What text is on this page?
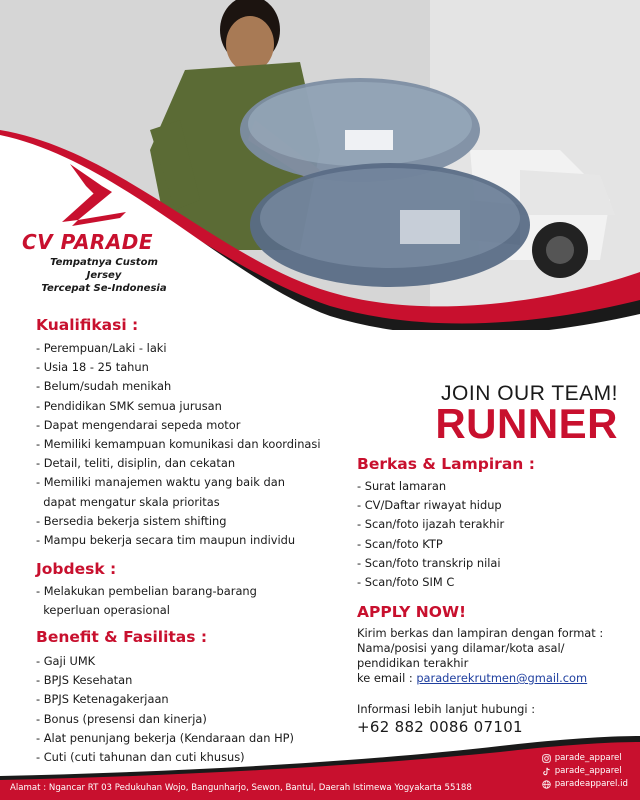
CV PARADE
Tempatnya Custom Jersey
Tercepat Se-Indonesia
Kualifikasi :
- Perempuan/Laki - laki
- Usia 18 - 25 tahun
- Belum/sudah menikah
- Pendidikan SMK semua jurusan
- Dapat mengendarai sepeda motor
- Memiliki kemampuan komunikasi dan koordinasi
- Detail, teliti, disiplin, dan cekatan
- Memiliki manajemen waktu yang baik dan
dapat mengatur skala prioritas
- Bersedia bekerja sistem shifting
- Mampu bekerja secara tim maupun individu
Jobdesk :
- Melakukan pembelian barang-barang
keperluan operasional
Benefit & Fasilitas :
- Gaji UMK
- BPJS Kesehatan
- BPJS Ketenagakerjaan
- Bonus (presensi dan kinerja)
- Alat penunjang bekerja (Kendaraan dan HP)
- Cuti (cuti tahunan dan cuti khusus)
JOIN OUR TEAM!
RUNNER
Berkas & Lampiran :
- Surat lamaran
- CV/Daftar riwayat hidup
- Scan/foto ijazah terakhir
- Scan/foto KTP
- Scan/foto transkrip nilai
- Scan/foto SIM C
APPLY NOW!
Kirim berkas dan lampiran dengan format :
Nama/posisi yang dilamar/kota asal/
pendidikan terakhir
ke email : paraderekrutmen@gmail.com
Informasi lebih lanjut hubungi :
+62 882 0086 07101
parade_apparel
parade_apparel
paradeapparel.id
Alamat : Ngancar RT 03 Pedukuhan Wojo, Bangunharjo, Sewon, Bantul, Daerah Istimewa Yogyakarta 55188
